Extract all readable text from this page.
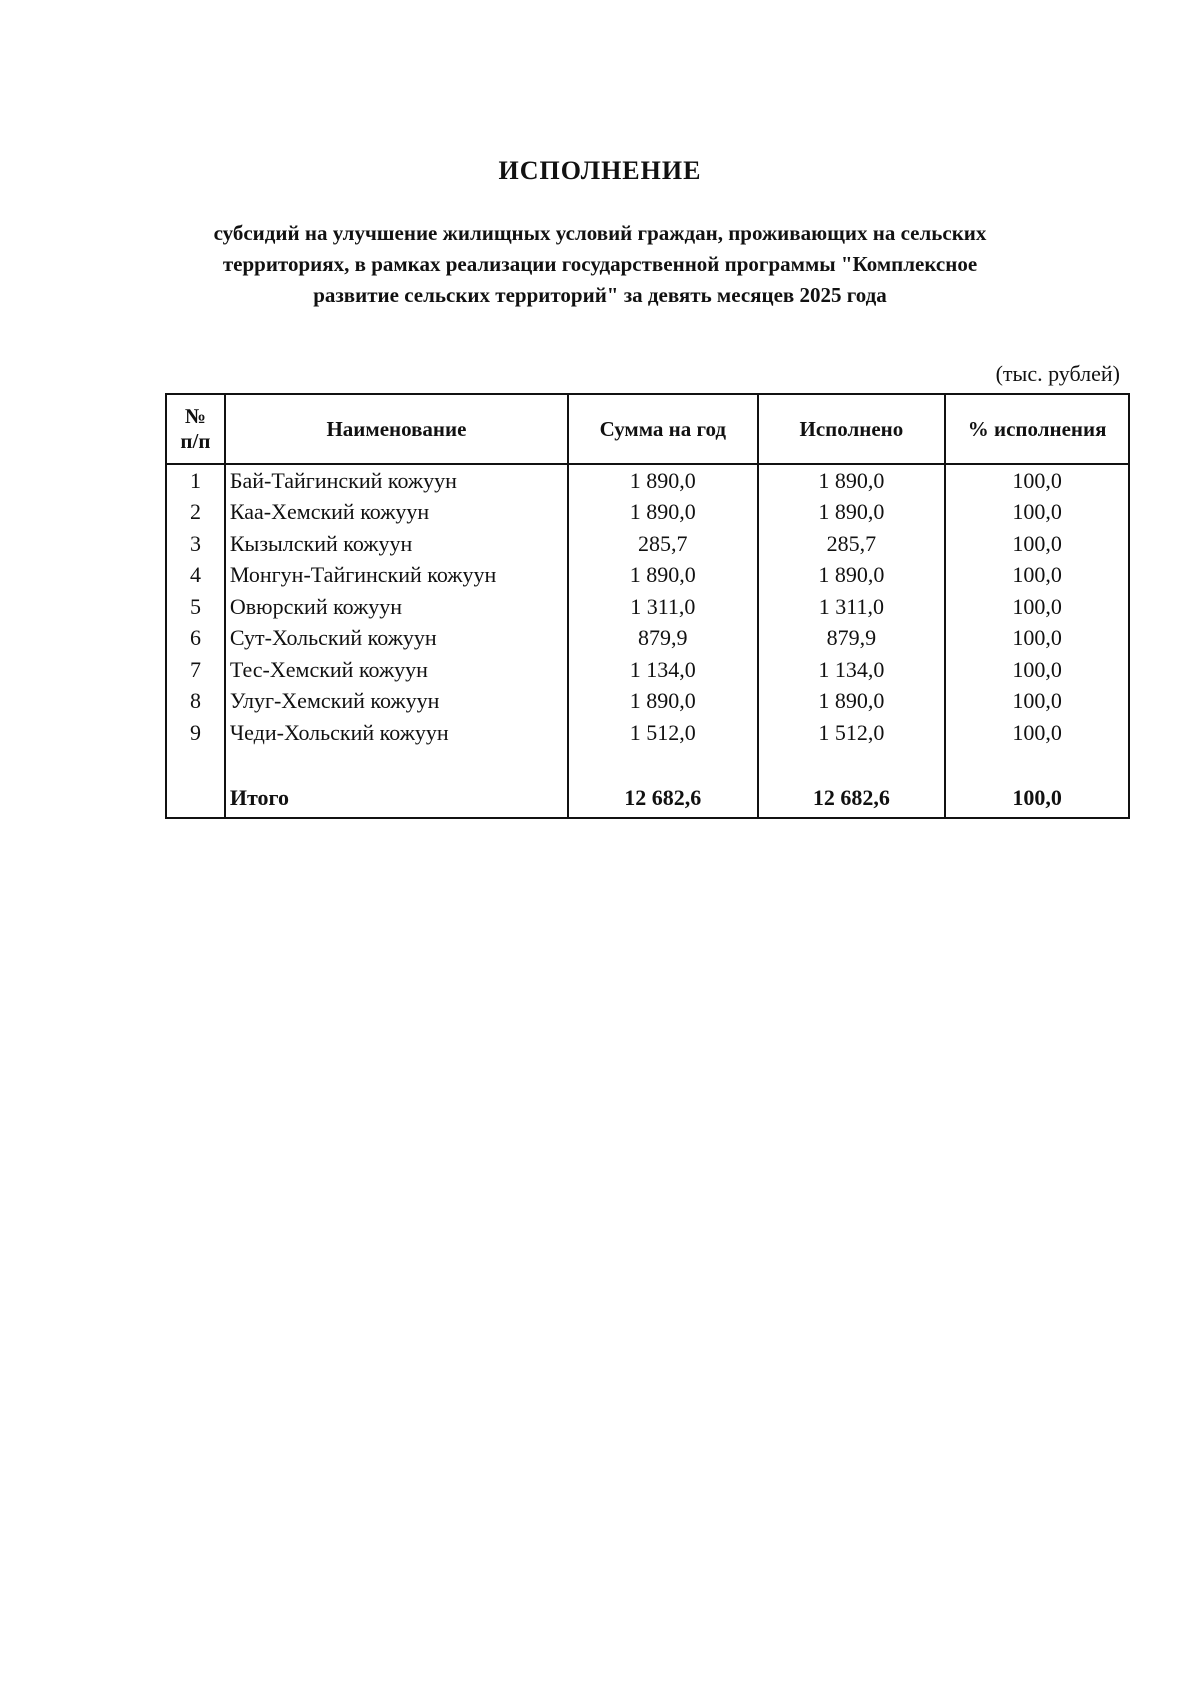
ИСПОЛНЕНИЕ
субсидий на улучшение жилищных условий граждан, проживающих на сельских
территориях, в рамках реализации государственной программы "Комплексное
развитие сельских территорий" за девять месяцев 2025 года
(тыс. рублей)
№
п/п	Наименование	Сумма на год	Исполнено	% исполнения
1	Бай-Тайгинский кожуун	1 890,0	1 890,0	100,0
2	Каа-Хемский кожуун	1 890,0	1 890,0	100,0
3	Кызылский кожуун	285,7	285,7	100,0
4	Монгун-Тайгинский кожуун	1 890,0	1 890,0	100,0
5	Овюрский кожуун	1 311,0	1 311,0	100,0
6	Сут-Хольский кожуун	879,9	879,9	100,0
7	Тес-Хемский кожуун	1 134,0	1 134,0	100,0
8	Улуг-Хемский кожуун	1 890,0	1 890,0	100,0
9	Чеди-Хольский кожуун	1 512,0	1 512,0	100,0

	Итого	12 682,6	12 682,6	100,0
